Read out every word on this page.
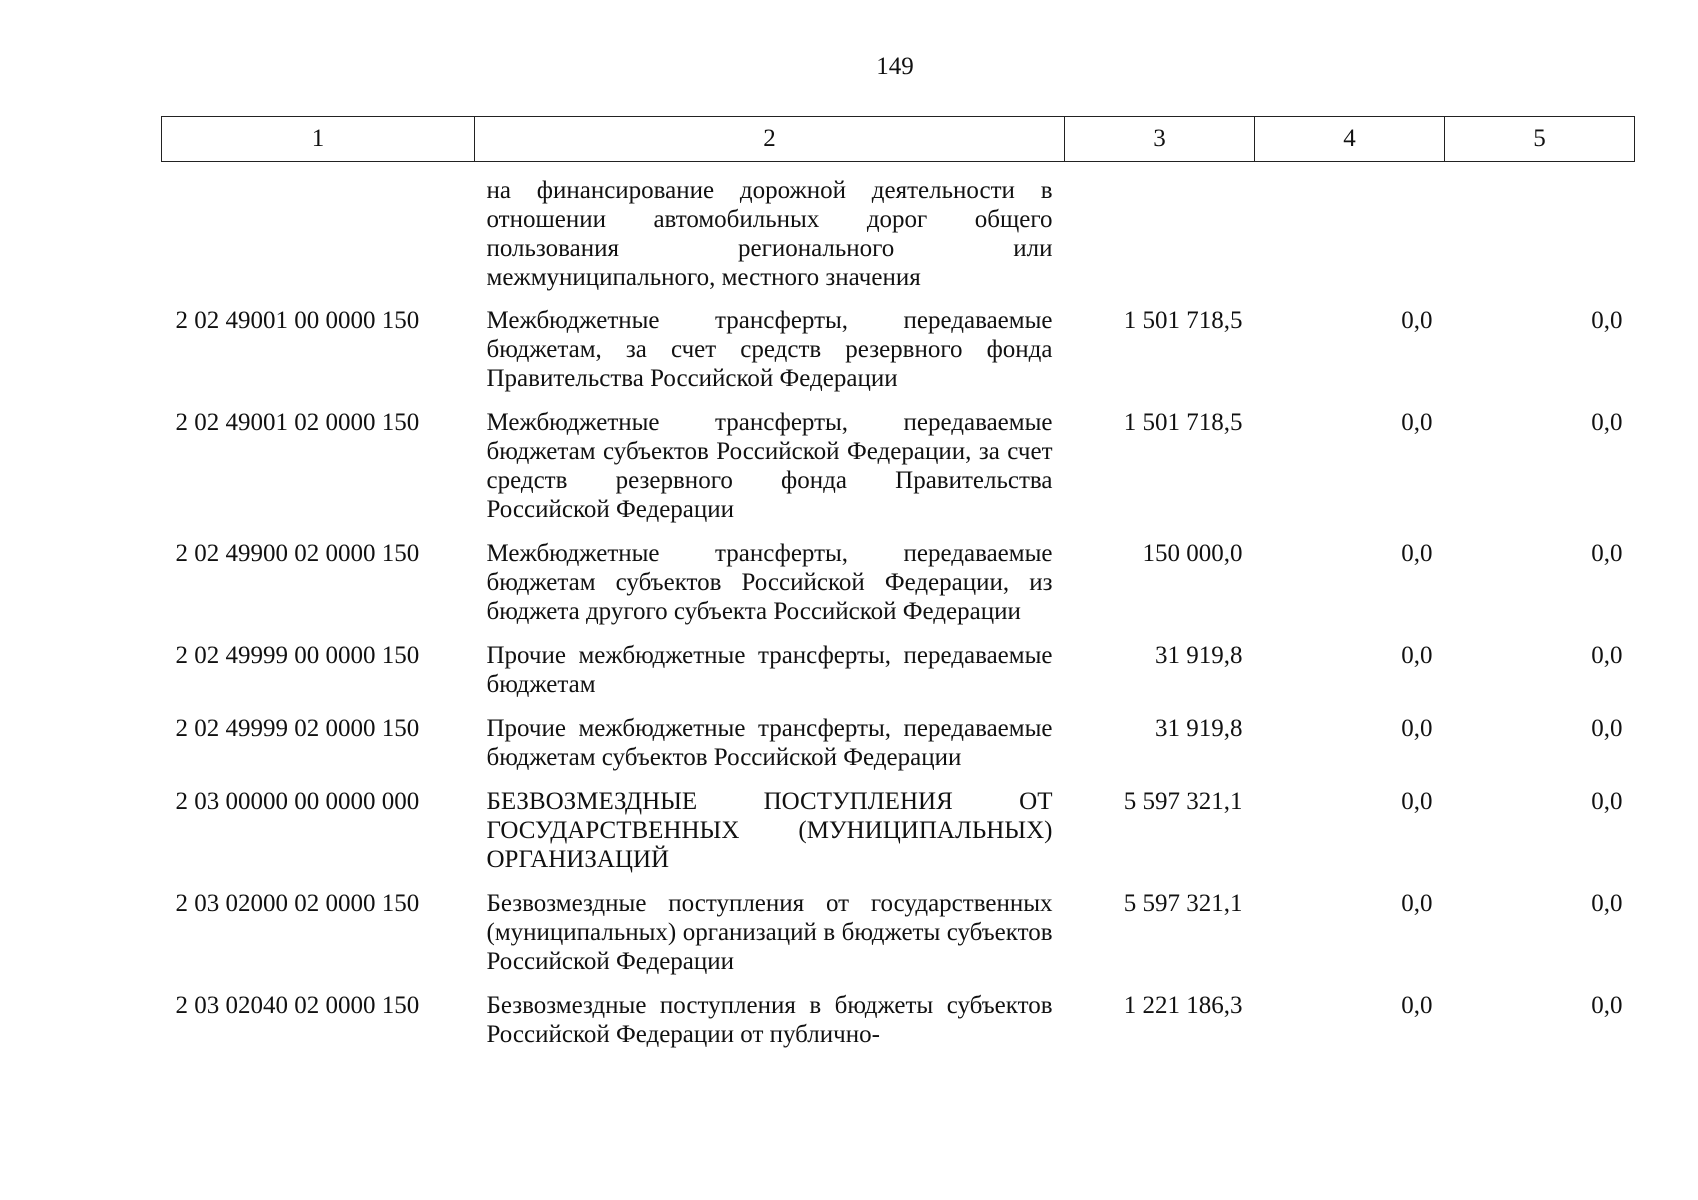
149
1	2	3	4	5
	на финансирование дорожной деятельности в отношении автомобильных дорог общего пользования регионального или межмуниципального, местного значения			
2 02 49001 00 0000 150	Межбюджетные трансферты, передаваемые бюджетам, за счет средств резервного фонда Правительства Российской Федерации	1 501 718,5	0,0	0,0
2 02 49001 02 0000 150	Межбюджетные трансферты, передаваемые бюджетам субъектов Российской Федерации, за счет средств резервного фонда Правительства Российской Федерации	1 501 718,5	0,0	0,0
2 02 49900 02 0000 150	Межбюджетные трансферты, передаваемые бюджетам субъектов Российской Федерации, из бюджета другого субъекта Российской Федерации	150 000,0	0,0	0,0
2 02 49999 00 0000 150	Прочие межбюджетные трансферты, передаваемые бюджетам	31 919,8	0,0	0,0
2 02 49999 02 0000 150	Прочие межбюджетные трансферты, передаваемые бюджетам субъектов Российской Федерации	31 919,8	0,0	0,0
2 03 00000 00 0000 000	БЕЗВОЗМЕЗДНЫЕ ПОСТУПЛЕНИЯ ОТ ГОСУДАРСТВЕННЫХ (МУНИЦИПАЛЬНЫХ) ОРГАНИЗАЦИЙ	5 597 321,1	0,0	0,0
2 03 02000 02 0000 150	Безвозмездные поступления от государственных (муниципальных) организаций в бюджеты субъектов Российской Федерации	5 597 321,1	0,0	0,0
2 03 02040 02 0000 150	Безвозмездные поступления в бюджеты субъектов Российской Федерации от публично-	1 221 186,3	0,0	0,0
